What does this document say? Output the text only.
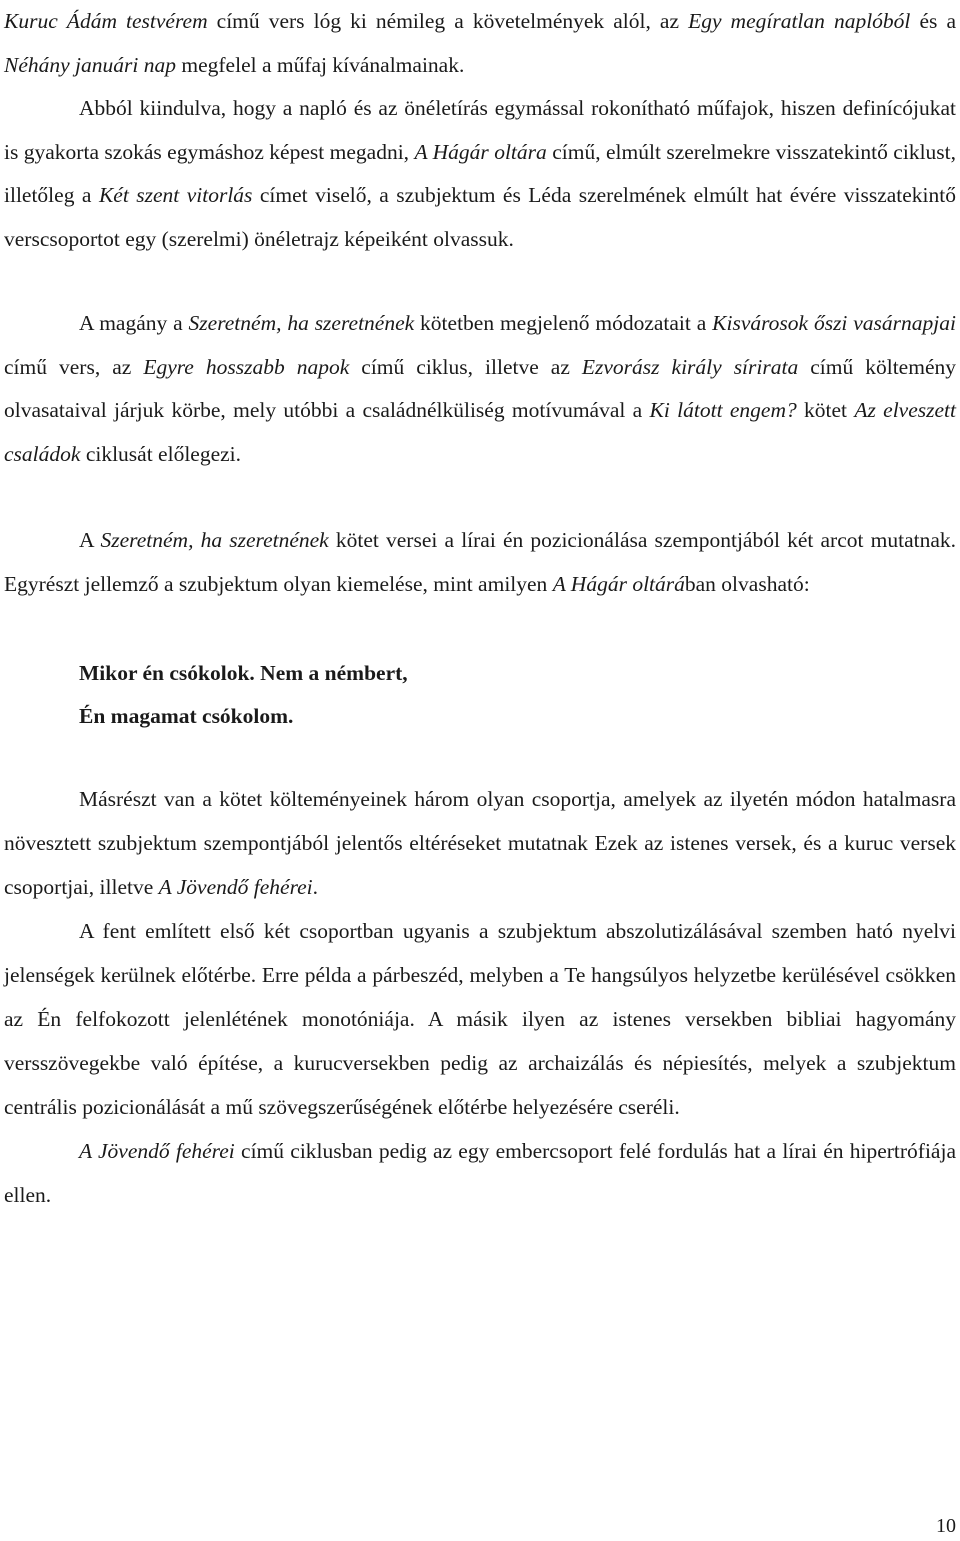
Kuruc Ádám testvérem című vers lóg ki némileg a követelmények alól, az Egy megíratlan naplóból és a Néhány januári nap megfelel a műfaj kívánalmainak.

Abból kiindulva, hogy a napló és az önéletírás egymással rokonítható műfajok, hiszen definícójukat is gyakorta szokás egymáshoz képest megadni, A Hágár oltára című, elmúlt szerelmekre visszatekintő ciklust, illetőleg a Két szent vitorlás címet viselő, a szubjektum és Léda szerelmének elmúlt hat évére visszatekintő verscsoportot egy (szerelmi) önéletrajz képeiként olvassuk.

A magány a Szeretném, ha szeretnének kötetben megjelenő módozatait a Kisvárosok őszi vasárnapjai című vers, az Egyre hosszabb napok című ciklus, illetve az Ezvorász király sírirata című költemény olvasataival járjuk körbe, mely utóbbi a családnélküliség motívumával a Ki látott engem? kötet Az elveszett családok ciklusát előlegezi.

A Szeretném, ha szeretnének kötet versei a lírai én pozicionálása szempontjából két arcot mutatnak. Egyrészt jellemző a szubjektum olyan kiemelése, mint amilyen A Hágár oltárában olvasható:

Mikor én csókolok. Nem a némbert,

Én magamat csókolom.

Másrészt van a kötet költeményeinek három olyan csoportja, amelyek az ilyetén módon hatalmasra növesztett szubjektum szempontjából jelentős eltéréseket mutatnak Ezek az istenes versek, és a kuruc versek csoportjai, illetve A Jövendő fehérei.

A fent említett első két csoportban ugyanis a szubjektum abszolutizálásával szemben ható nyelvi jelenségek kerülnek előtérbe. Erre példa a párbeszéd, melyben a Te hangsúlyos helyzetbe kerülésével csökken az Én felfokozott jelenlétének monotóniája. A másik ilyen az istenes versekben bibliai hagyomány versszövegekbe való építése, a kurucversekben pedig az archaizálás és népiesítés, melyek a szubjektum centrális pozicionálását a mű szövegszerűségének előtérbe helyezésére cseréli.

A Jövendő fehérei című ciklusban pedig az egy embercsoport felé fordulás hat a lírai én hipertrófiája ellen.

10
